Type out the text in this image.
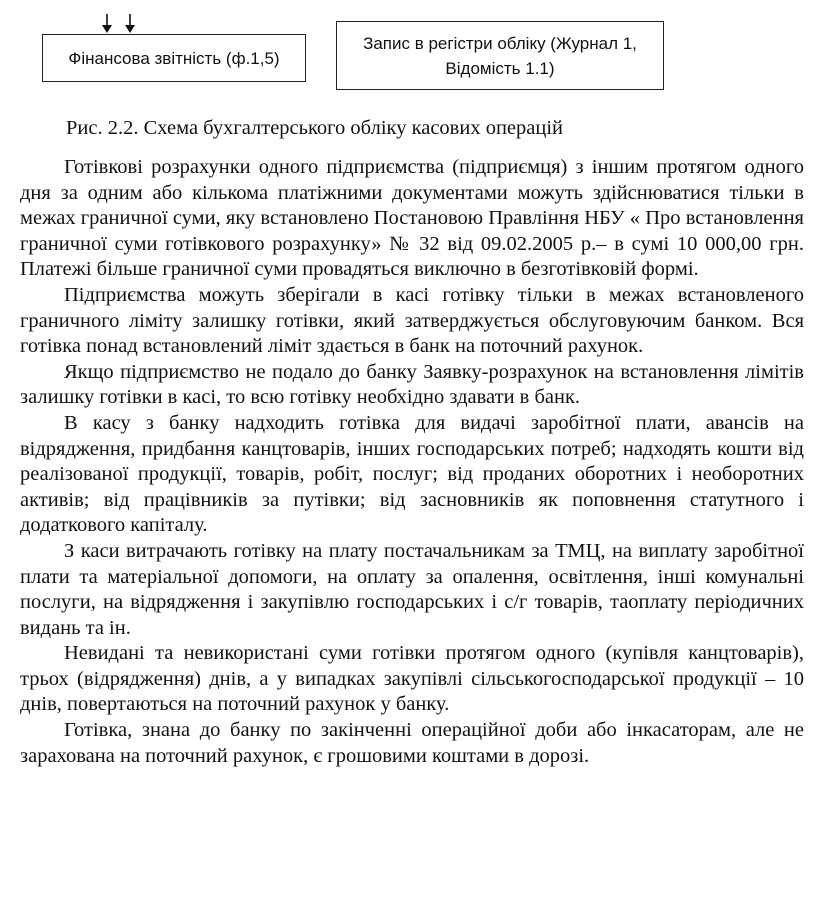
Фінансова звітність (ф.1,5)
Запис в регістри обліку (Журнал 1,
Відомість 1.1)
Рис. 2.2. Схема бухгалтерського обліку касових операцій

Готівкові розрахунки одного підприємства (підприємця) з іншим протягом одного дня за одним або кількома платіжними документами можуть здійснюватися тільки в межах граничної суми, яку встановлено Постановою Правління НБУ « Про встановлення граничної суми готівкового розрахунку» № 32 від 09.02.2005 р.– в сумі 10 000,00 грн. Платежі більше граничної суми провадяться виключно в безготівковій формі.

Підприємства можуть зберігали в касі готівку тільки в межах встановленого граничного ліміту залишку готівки, який затверджується обслуговуючим банком. Вся готівка понад встановлений ліміт здається в банк на поточний рахунок.

Якщо підприємство не подало до банку Заявку-розрахунок на встановлення лімітів залишку готівки в касі, то всю готівку необхідно здавати в банк.

В касу з банку надходить готівка для видачі заробітної плати, авансів на відрядження, придбання канцтоварів, інших господарських потреб; надходять кошти від реалізованої продукції, товарів, робіт, послуг; від проданих оборотних і необоротних активів; від працівників за путівки; від засновників як поповнення статутного і додаткового капіталу.

З каси витрачають готівку на плату постачальникам за ТМЦ, на виплату заробітної плати та матеріальної допомоги, на оплату за опалення, освітлення, інші комунальні послуги, на відрядження і закупівлю господарських і с/г товарів, таоплату періодичних видань та ін.

Невидані та невикористані суми готівки протягом одного (купівля канцтоварів), трьох (відрядження) днів, а у випадках закупівлі сільськогосподарської продукції – 10 днів, повертаються на поточний рахунок у банку.

Готівка, знана до банку по закінченні операційної доби або інкасаторам, але не зарахована на поточний рахунок, є грошовими коштами в дорозі.
